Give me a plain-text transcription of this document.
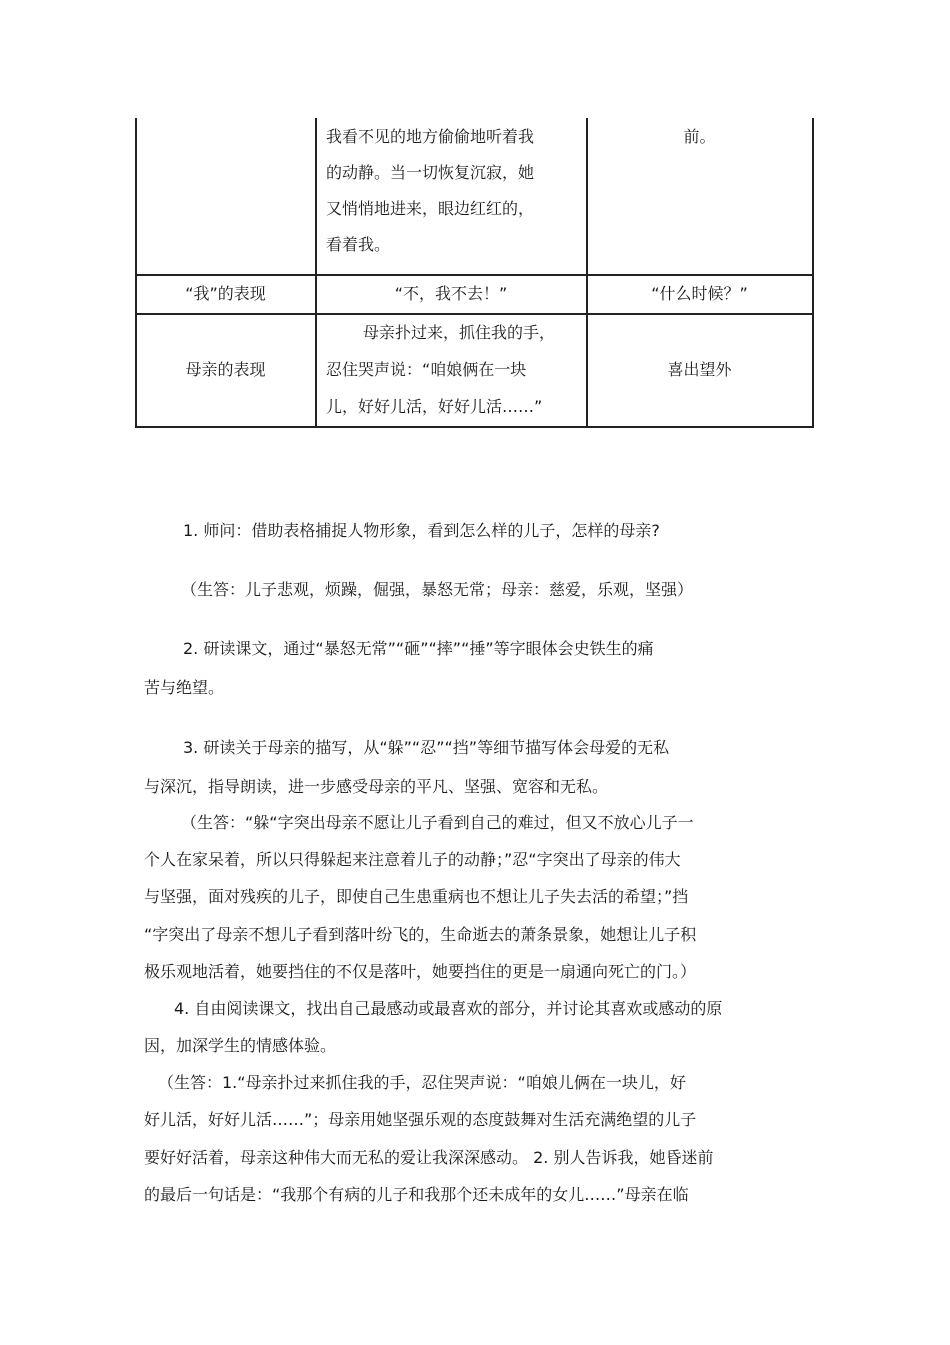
我看不见的地方偷偷地听着我
的动静。当一切恢复沉寂，她
又悄悄地进来，眼边红红的，
看着我。
前。
“我”的表现	“不，我不去！”	“什么时候？”
母亲的表现
母亲扑过来，抓住我的手，
忍住哭声说：“咱娘俩在一块
儿，好好儿活，好好儿活……”
喜出望外
1. 师问：借助表格捕捉人物形象，看到怎么样的儿子，怎样的母亲?
（生答：儿子悲观，烦躁，倔强，暴怒无常；母亲：慈爱，乐观，坚强）
2. 研读课文，通过“暴怒无常”“砸”“摔”“捶”等字眼体会史铁生的痛
苦与绝望。
3. 研读关于母亲的描写，从“躲”“忍”“挡”等细节描写体会母爱的无私
与深沉，指导朗读，进一步感受母亲的平凡、坚强、宽容和无私。
（生答：“躲“字突出母亲不愿让儿子看到自己的难过，但又不放心儿子一
个人在家呆着，所以只得躲起来注意着儿子的动静；”忍“字突出了母亲的伟大
与坚强，面对残疾的儿子，即使自己生患重病也不想让儿子失去活的希望；”挡
“字突出了母亲不想儿子看到落叶纷飞的，生命逝去的萧条景象，她想让儿子积
极乐观地活着，她要挡住的不仅是落叶，她要挡住的更是一扇通向死亡的门。）
4. 自由阅读课文，找出自己最感动或最喜欢的部分，并讨论其喜欢或感动的原
因，加深学生的情感体验。
（生答：1.“母亲扑过来抓住我的手，忍住哭声说：“咱娘儿俩在一块儿，好
好儿活，好好儿活……”；母亲用她坚强乐观的态度鼓舞对生活充满绝望的儿子
要好好活着，母亲这种伟大而无私的爱让我深深感动。 2. 别人告诉我，她昏迷前
的最后一句话是：“我那个有病的儿子和我那个还未成年的女儿……”母亲在临
